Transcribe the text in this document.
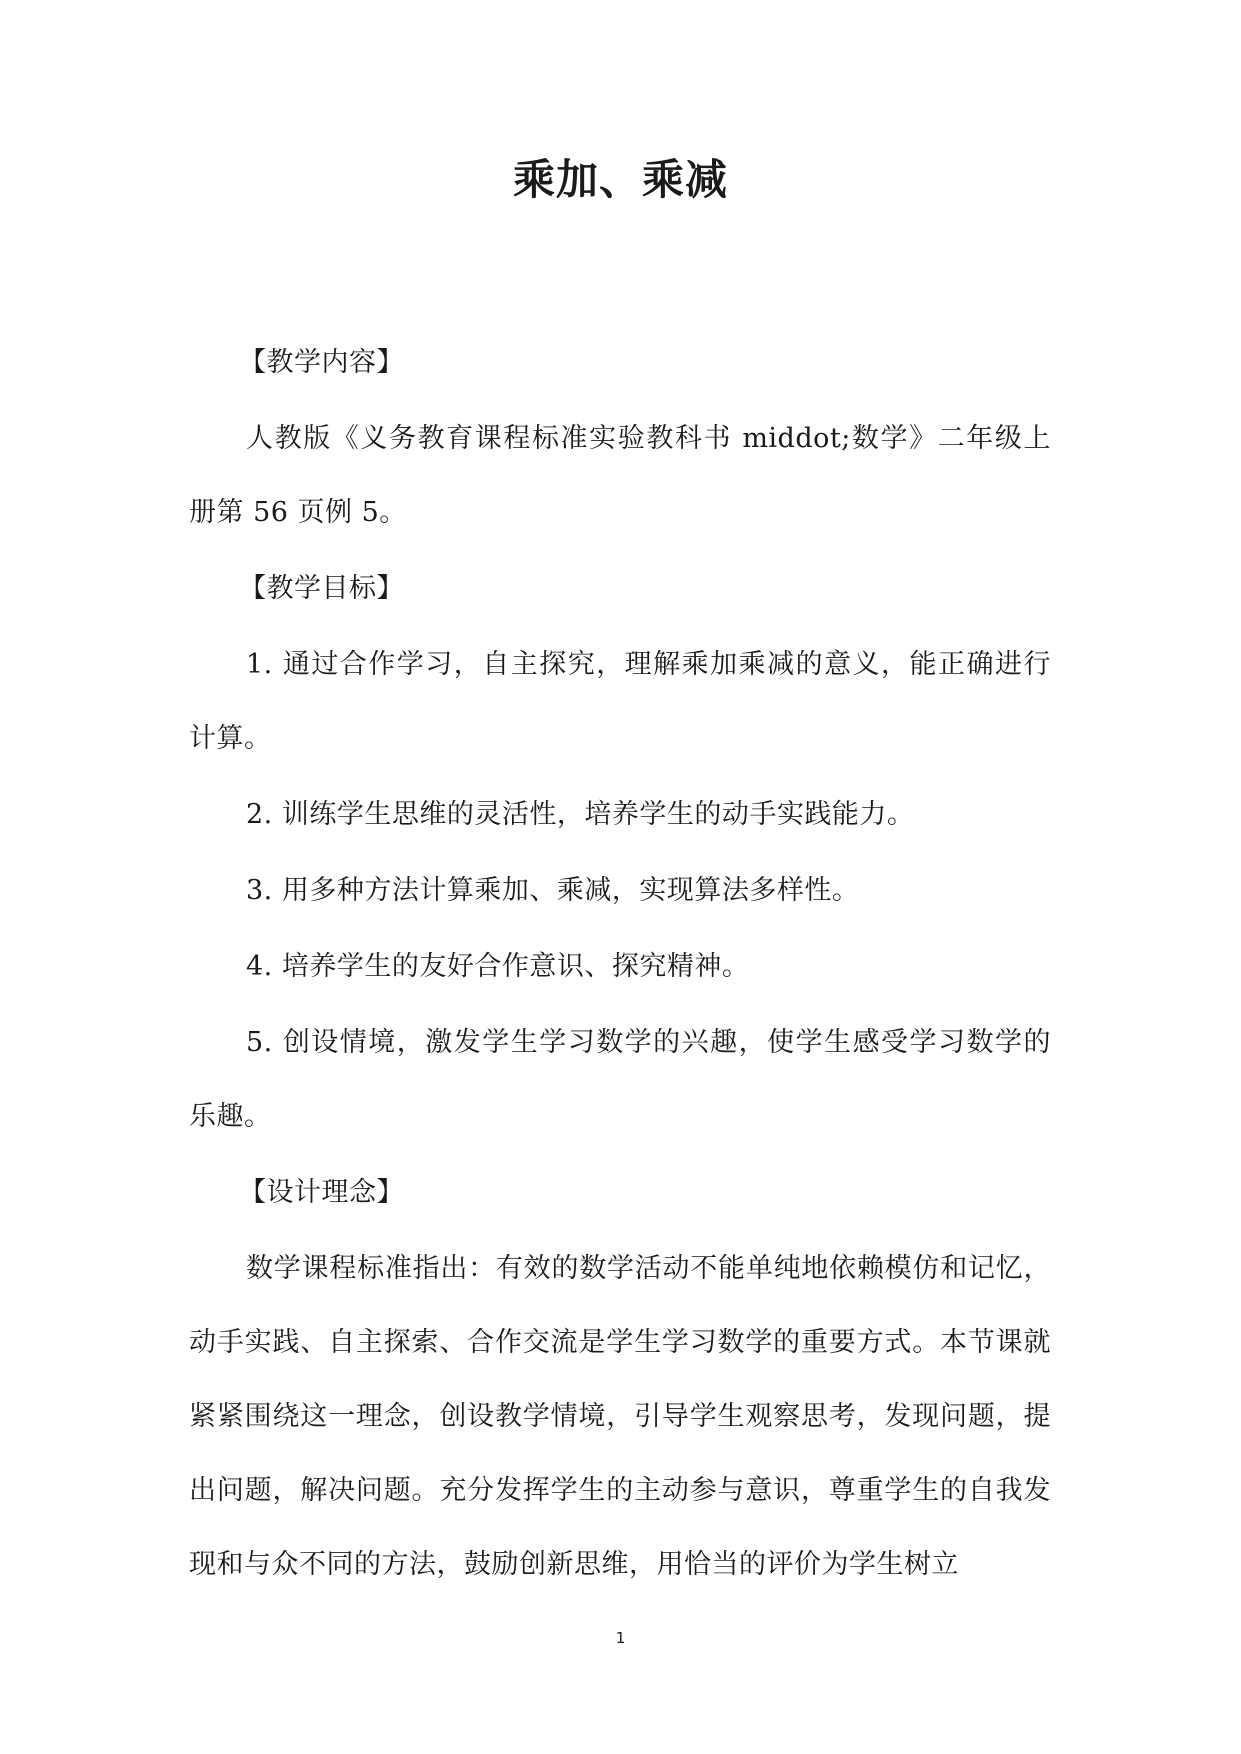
乘加、乘减

【教学内容】

人教版《义务教育课程标准实验教科书 middot;数学》二年级上册第 56 页例 5。

【教学目标】

1. 通过合作学习，自主探究，理解乘加乘减的意义，能正确进行计算。

2. 训练学生思维的灵活性，培养学生的动手实践能力。

3. 用多种方法计算乘加、乘减，实现算法多样性。

4. 培养学生的友好合作意识、探究精神。

5. 创设情境，激发学生学习数学的兴趣，使学生感受学习数学的乐趣。

【设计理念】

数学课程标准指出：有效的数学活动不能单纯地依赖模仿和记忆，动手实践、自主探索、合作交流是学生学习数学的重要方式。本节课就紧紧围绕这一理念，创设教学情境，引导学生观察思考，发现问题，提出问题，解决问题。充分发挥学生的主动参与意识，尊重学生的自我发现和与众不同的方法，鼓励创新思维，用恰当的评价为学生树立

1
